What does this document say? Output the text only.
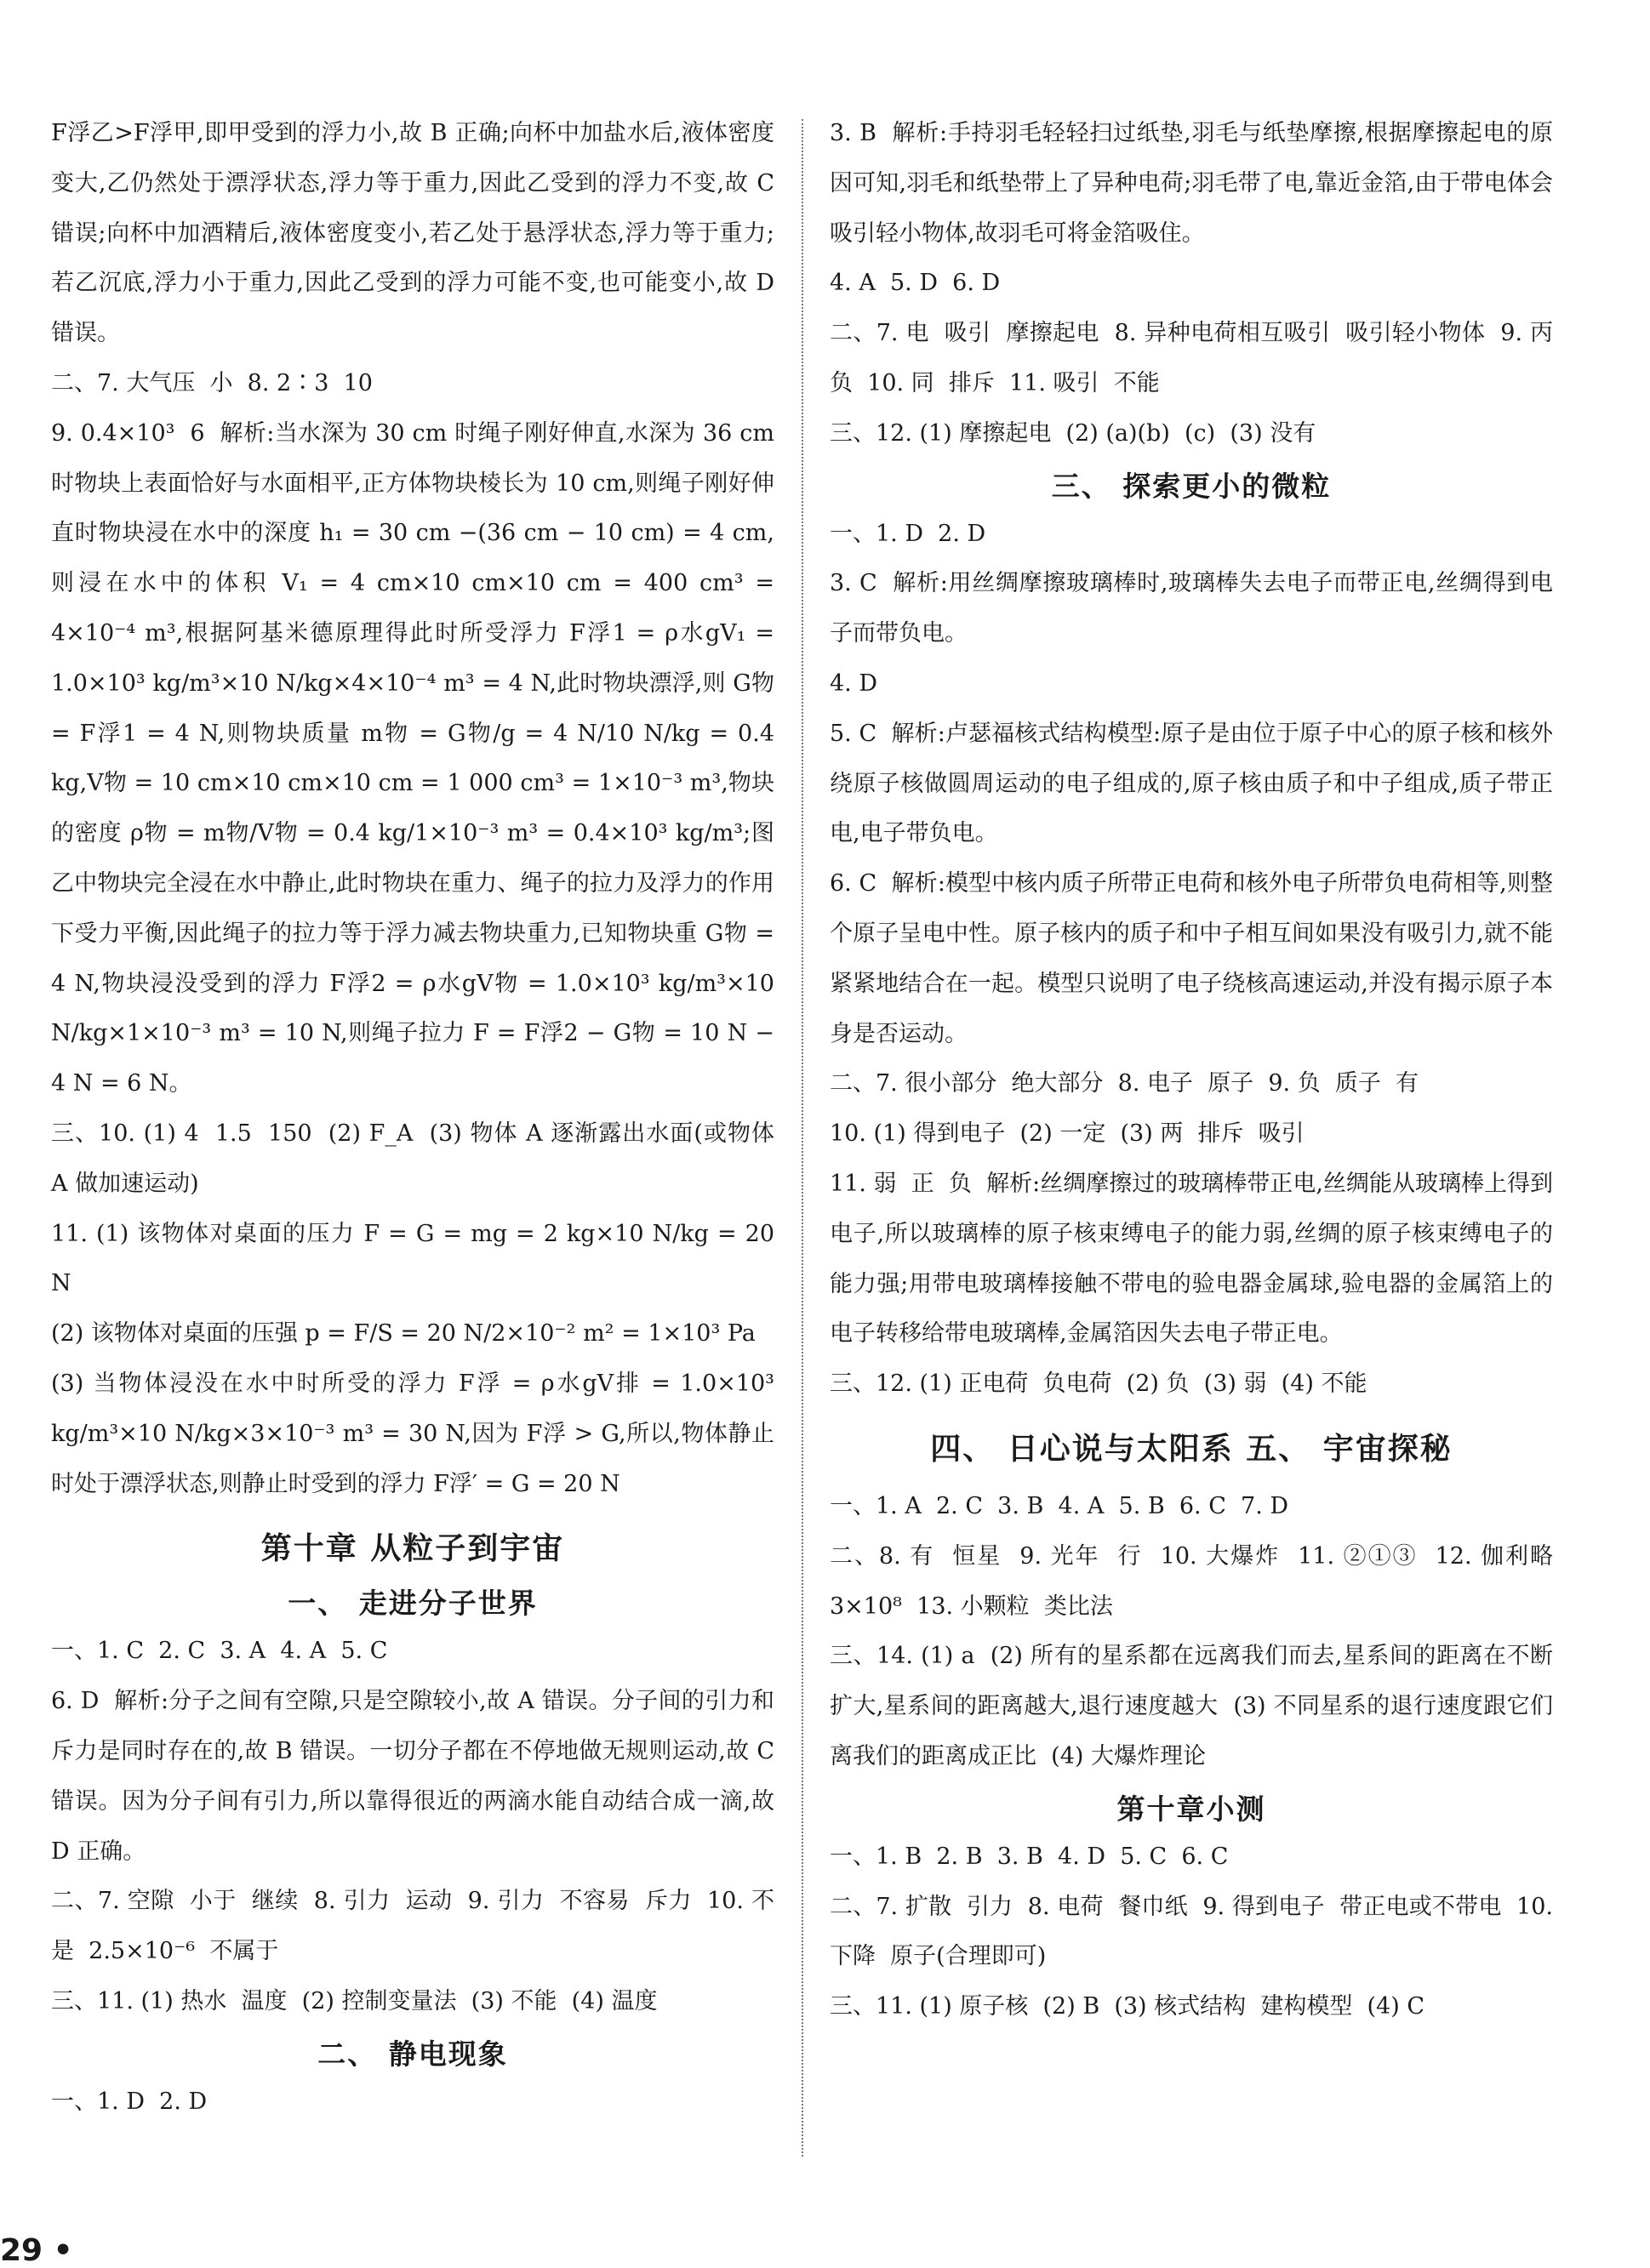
F浮乙>F浮甲,即甲受到的浮力小,故 B 正确;向杯中加盐水后,液体密度变大,乙仍然处于漂浮状态,浮力等于重力,因此乙受到的浮力不变,故 C 错误;向杯中加酒精后,液体密度变小,若乙处于悬浮状态,浮力等于重力;若乙沉底,浮力小于重力,因此乙受到的浮力可能不变,也可能变小,故 D 错误。
二、7. 大气压  小  8. 2∶3  10
9. 0.4×10³  6  解析:当水深为 30 cm 时绳子刚好伸直,水深为 36 cm 时物块上表面恰好与水面相平,正方体物块棱长为 10 cm,则绳子刚好伸直时物块浸在水中的深度 h₁ = 30 cm −(36 cm − 10 cm) = 4 cm,则浸在水中的体积 V₁ = 4 cm×10 cm×10 cm = 400 cm³ = 4×10⁻⁴ m³,根据阿基米德原理得此时所受浮力 F浮1 = ρ水gV₁ = 1.0×10³ kg/m³×10 N/kg×4×10⁻⁴ m³ = 4 N,此时物块漂浮,则 G物 = F浮1 = 4 N,则物块质量 m物 = G物/g = 4 N/10 N/kg = 0.4 kg,V物 = 10 cm×10 cm×10 cm = 1 000 cm³ = 1×10⁻³ m³,物块的密度 ρ物 = m物/V物 = 0.4 kg/1×10⁻³ m³ = 0.4×10³ kg/m³;图乙中物块完全浸在水中静止,此时物块在重力、绳子的拉力及浮力的作用下受力平衡,因此绳子的拉力等于浮力减去物块重力,已知物块重 G物 = 4 N,物块浸没受到的浮力 F浮2 = ρ水gV物 = 1.0×10³ kg/m³×10 N/kg×1×10⁻³ m³ = 10 N,则绳子拉力 F = F浮2 − G物 = 10 N − 4 N = 6 N。
三、10. (1) 4  1.5  150  (2) F_A  (3) 物体 A 逐渐露出水面(或物体 A 做加速运动)
11. (1) 该物体对桌面的压力 F = G = mg = 2 kg×10 N/kg = 20 N
(2) 该物体对桌面的压强 p = F/S = 20 N/2×10⁻² m² = 1×10³ Pa
(3) 当物体浸没在水中时所受的浮力 F浮 = ρ水gV排 = 1.0×10³ kg/m³×10 N/kg×3×10⁻³ m³ = 30 N,因为 F浮 > G,所以,物体静止时处于漂浮状态,则静止时受到的浮力 F浮′ = G = 20 N
第十章 从粒子到宇宙
一、 走进分子世界
一、1. C  2. C  3. A  4. A  5. C
6. D  解析:分子之间有空隙,只是空隙较小,故 A 错误。分子间的引力和斥力是同时存在的,故 B 错误。一切分子都在不停地做无规则运动,故 C 错误。因为分子间有引力,所以靠得很近的两滴水能自动结合成一滴,故 D 正确。
二、7. 空隙  小于  继续  8. 引力  运动  9. 引力  不容易  斥力  10. 不是  2.5×10⁻⁶  不属于
三、11. (1) 热水  温度  (2) 控制变量法  (3) 不能  (4) 温度
二、 静电现象
一、1. D  2. D
3. B  解析:手持羽毛轻轻扫过纸垫,羽毛与纸垫摩擦,根据摩擦起电的原因可知,羽毛和纸垫带上了异种电荷;羽毛带了电,靠近金箔,由于带电体会吸引轻小物体,故羽毛可将金箔吸住。
4. A  5. D  6. D
二、7. 电  吸引  摩擦起电  8. 异种电荷相互吸引  吸引轻小物体  9. 丙  负  10. 同  排斥  11. 吸引  不能
三、12. (1) 摩擦起电  (2) (a)(b)  (c)  (3) 没有
三、 探索更小的微粒
一、1. D  2. D
3. C  解析:用丝绸摩擦玻璃棒时,玻璃棒失去电子而带正电,丝绸得到电子而带负电。
4. D
5. C  解析:卢瑟福核式结构模型:原子是由位于原子中心的原子核和核外绕原子核做圆周运动的电子组成的,原子核由质子和中子组成,质子带正电,电子带负电。
6. C  解析:模型中核内质子所带正电荷和核外电子所带负电荷相等,则整个原子呈电中性。原子核内的质子和中子相互间如果没有吸引力,就不能紧紧地结合在一起。模型只说明了电子绕核高速运动,并没有揭示原子本身是否运动。
二、7. 很小部分  绝大部分  8. 电子  原子  9. 负  质子  有
10. (1) 得到电子  (2) 一定  (3) 两  排斥  吸引
11. 弱  正  负  解析:丝绸摩擦过的玻璃棒带正电,丝绸能从玻璃棒上得到电子,所以玻璃棒的原子核束缚电子的能力弱,丝绸的原子核束缚电子的能力强;用带电玻璃棒接触不带电的验电器金属球,验电器的金属箔上的电子转移给带电玻璃棒,金属箔因失去电子带正电。
三、12. (1) 正电荷  负电荷  (2) 负  (3) 弱  (4) 不能
四、 日心说与太阳系 五、 宇宙探秘
一、1. A  2. C  3. B  4. A  5. B  6. C  7. D
二、8. 有  恒星  9. 光年  行  10. 大爆炸  11. ②①③  12. 伽利略  3×10⁸  13. 小颗粒  类比法
三、14. (1) a  (2) 所有的星系都在远离我们而去,星系间的距离在不断扩大,星系间的距离越大,退行速度越大  (3) 不同星系的退行速度跟它们离我们的距离成正比  (4) 大爆炸理论
第十章小测
一、1. B  2. B  3. B  4. D  5. C  6. C
二、7. 扩散  引力  8. 电荷  餐巾纸  9. 得到电子  带正电或不带电  10. 下降  原子(合理即可)
三、11. (1) 原子核  (2) B  (3) 核式结构  建构模型  (4) C
29 •
